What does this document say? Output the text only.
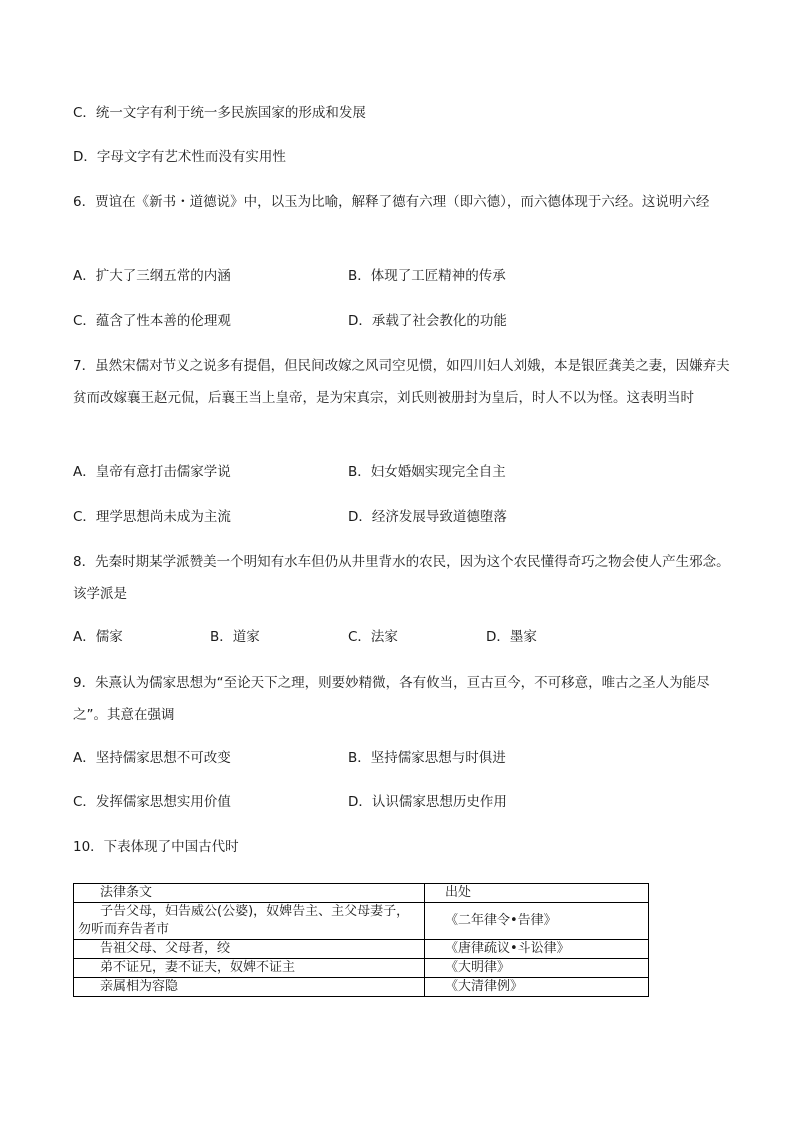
C．统一文字有利于统一多民族国家的形成和发展
D．字母文字有艺术性而没有实用性
6．贾谊在《新书・道德说》中，以玉为比喻，解释了德有六理（即六德），而六德体现于六经。这说明六经
A．扩大了三纲五常的内涵	B．体现了工匠精神的传承
C．蕴含了性本善的伦理观	D．承载了社会教化的功能
7．虽然宋儒对节义之说多有提倡，但民间改嫁之风司空见惯，如四川妇人刘娥，本是银匠龚美之妻，因嫌弃夫贫而改嫁襄王赵元侃，后襄王当上皇帝，是为宋真宗，刘氏则被册封为皇后，时人不以为怪。这表明当时
A．皇帝有意打击儒家学说	B．妇女婚姻实现完全自主
C．理学思想尚未成为主流	D．经济发展导致道德堕落
8．先秦时期某学派赞美一个明知有水车但仍从井里背水的农民，因为这个农民懂得奇巧之物会使人产生邪念。该学派是
A．儒家	B．道家	C．法家	D．墨家
9．朱熹认为儒家思想为“至论天下之理，则要妙精微，各有攸当，亘古亘今，不可移意，唯古之圣人为能尽之”。其意在强调
A．坚持儒家思想不可改变	B．坚持儒家思想与时俱进
C．发挥儒家思想实用价值	D．认识儒家思想历史作用
10．下表体现了中国古代时
法律条文	出处
子告父母，妇告威公(公婆)，奴婢告主、主父母妻子，勿听而弃告者市	《二年律令•告律》
告祖父母、父母者，绞	《唐律疏议•斗讼律》
弟不证兄，妻不证夫，奴婢不证主	《大明律》
亲属相为容隐	《大清律例》
